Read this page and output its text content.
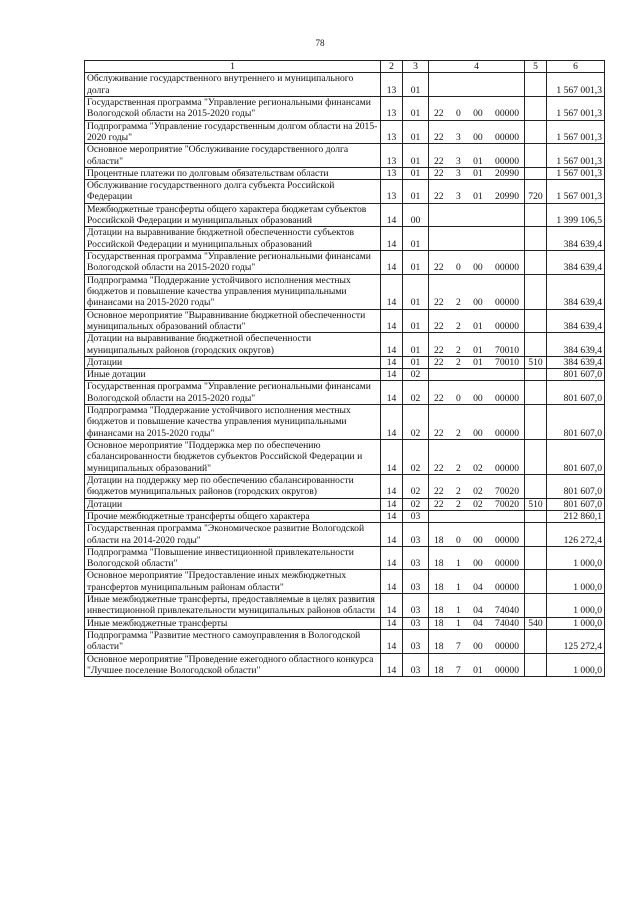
78
1	2	3	4	5	6
Обслуживание государственного внутреннего и муниципального долга	13	01			1 567 001,3
Государственная программа "Управление региональными финансами Вологодской области на 2015-2020 годы"	13	01	22 0 00 00000		1 567 001,3
Подпрограмма "Управление государственным долгом области на 2015-2020 годы"	13	01	22 3 00 00000		1 567 001,3
Основное мероприятие "Обслуживание государственного долга области"	13	01	22 3 01 00000		1 567 001,3
Процентные платежи по долговым обязательствам области	13	01	22 3 01 20990		1 567 001,3
Обслуживание государственного долга субъекта Российской Федерации	13	01	22 3 01 20990	720	1 567 001,3
Межбюджетные трансферты общего характера бюджетам субъектов Российской Федерации и муниципальных образований	14	00			1 399 106,5
Дотации на выравнивание бюджетной обеспеченности субъектов Российской Федерации и муниципальных образований	14	01			384 639,4
Государственная программа "Управление региональными финансами Вологодской области на 2015-2020 годы"	14	01	22 0 00 00000		384 639,4
Подпрограмма "Поддержание устойчивого исполнения местных бюджетов и повышение качества управления муниципальными финансами на 2015-2020 годы"	14	01	22 2 00 00000		384 639,4
Основное мероприятие "Выравнивание бюджетной обеспеченности муниципальных образований области"	14	01	22 2 01 00000		384 639,4
Дотации на выравнивание бюджетной обеспеченности муниципальных районов (городских округов)	14	01	22 2 01 70010		384 639,4
Дотации	14	01	22 2 01 70010	510	384 639,4
Иные дотации	14	02			801 607,0
Государственная программа "Управление региональными финансами Вологодской области на 2015-2020 годы"	14	02	22 0 00 00000		801 607,0
Подпрограмма "Поддержание устойчивого исполнения местных бюджетов и повышение качества управления муниципальными финансами на 2015-2020 годы"	14	02	22 2 00 00000		801 607,0
Основное мероприятие "Поддержка мер по обеспечению сбалансированности бюджетов субъектов Российской Федерации и муниципальных образований"	14	02	22 2 02 00000		801 607,0
Дотации на поддержку мер по обеспечению сбалансированности бюджетов муниципальных районов (городских округов)	14	02	22 2 02 70020		801 607,0
Дотации	14	02	22 2 02 70020	510	801 607,0
Прочие межбюджетные трансферты общего характера	14	03			212 860,1
Государственная программа "Экономическое развитие Вологодской области на 2014-2020 годы"	14	03	18 0 00 00000		126 272,4
Подпрограмма "Повышение инвестиционной привлекательности Вологодской области"	14	03	18 1 00 00000		1 000,0
Основное мероприятие "Предоставление иных межбюджетных трансфертов муниципальным районам области"	14	03	18 1 04 00000		1 000,0
Иные межбюджетные трансферты, предоставляемые в целях развития инвестиционной привлекательности муниципальных районов области	14	03	18 1 04 74040		1 000,0
Иные межбюджетные трансферты	14	03	18 1 04 74040	540	1 000,0
Подпрограмма "Развитие местного самоуправления в Вологодской области"	14	03	18 7 00 00000		125 272,4
Основное мероприятие "Проведение ежегодного областного конкурса "Лучшее поселение Вологодской области"	14	03	18 7 01 00000		1 000,0
